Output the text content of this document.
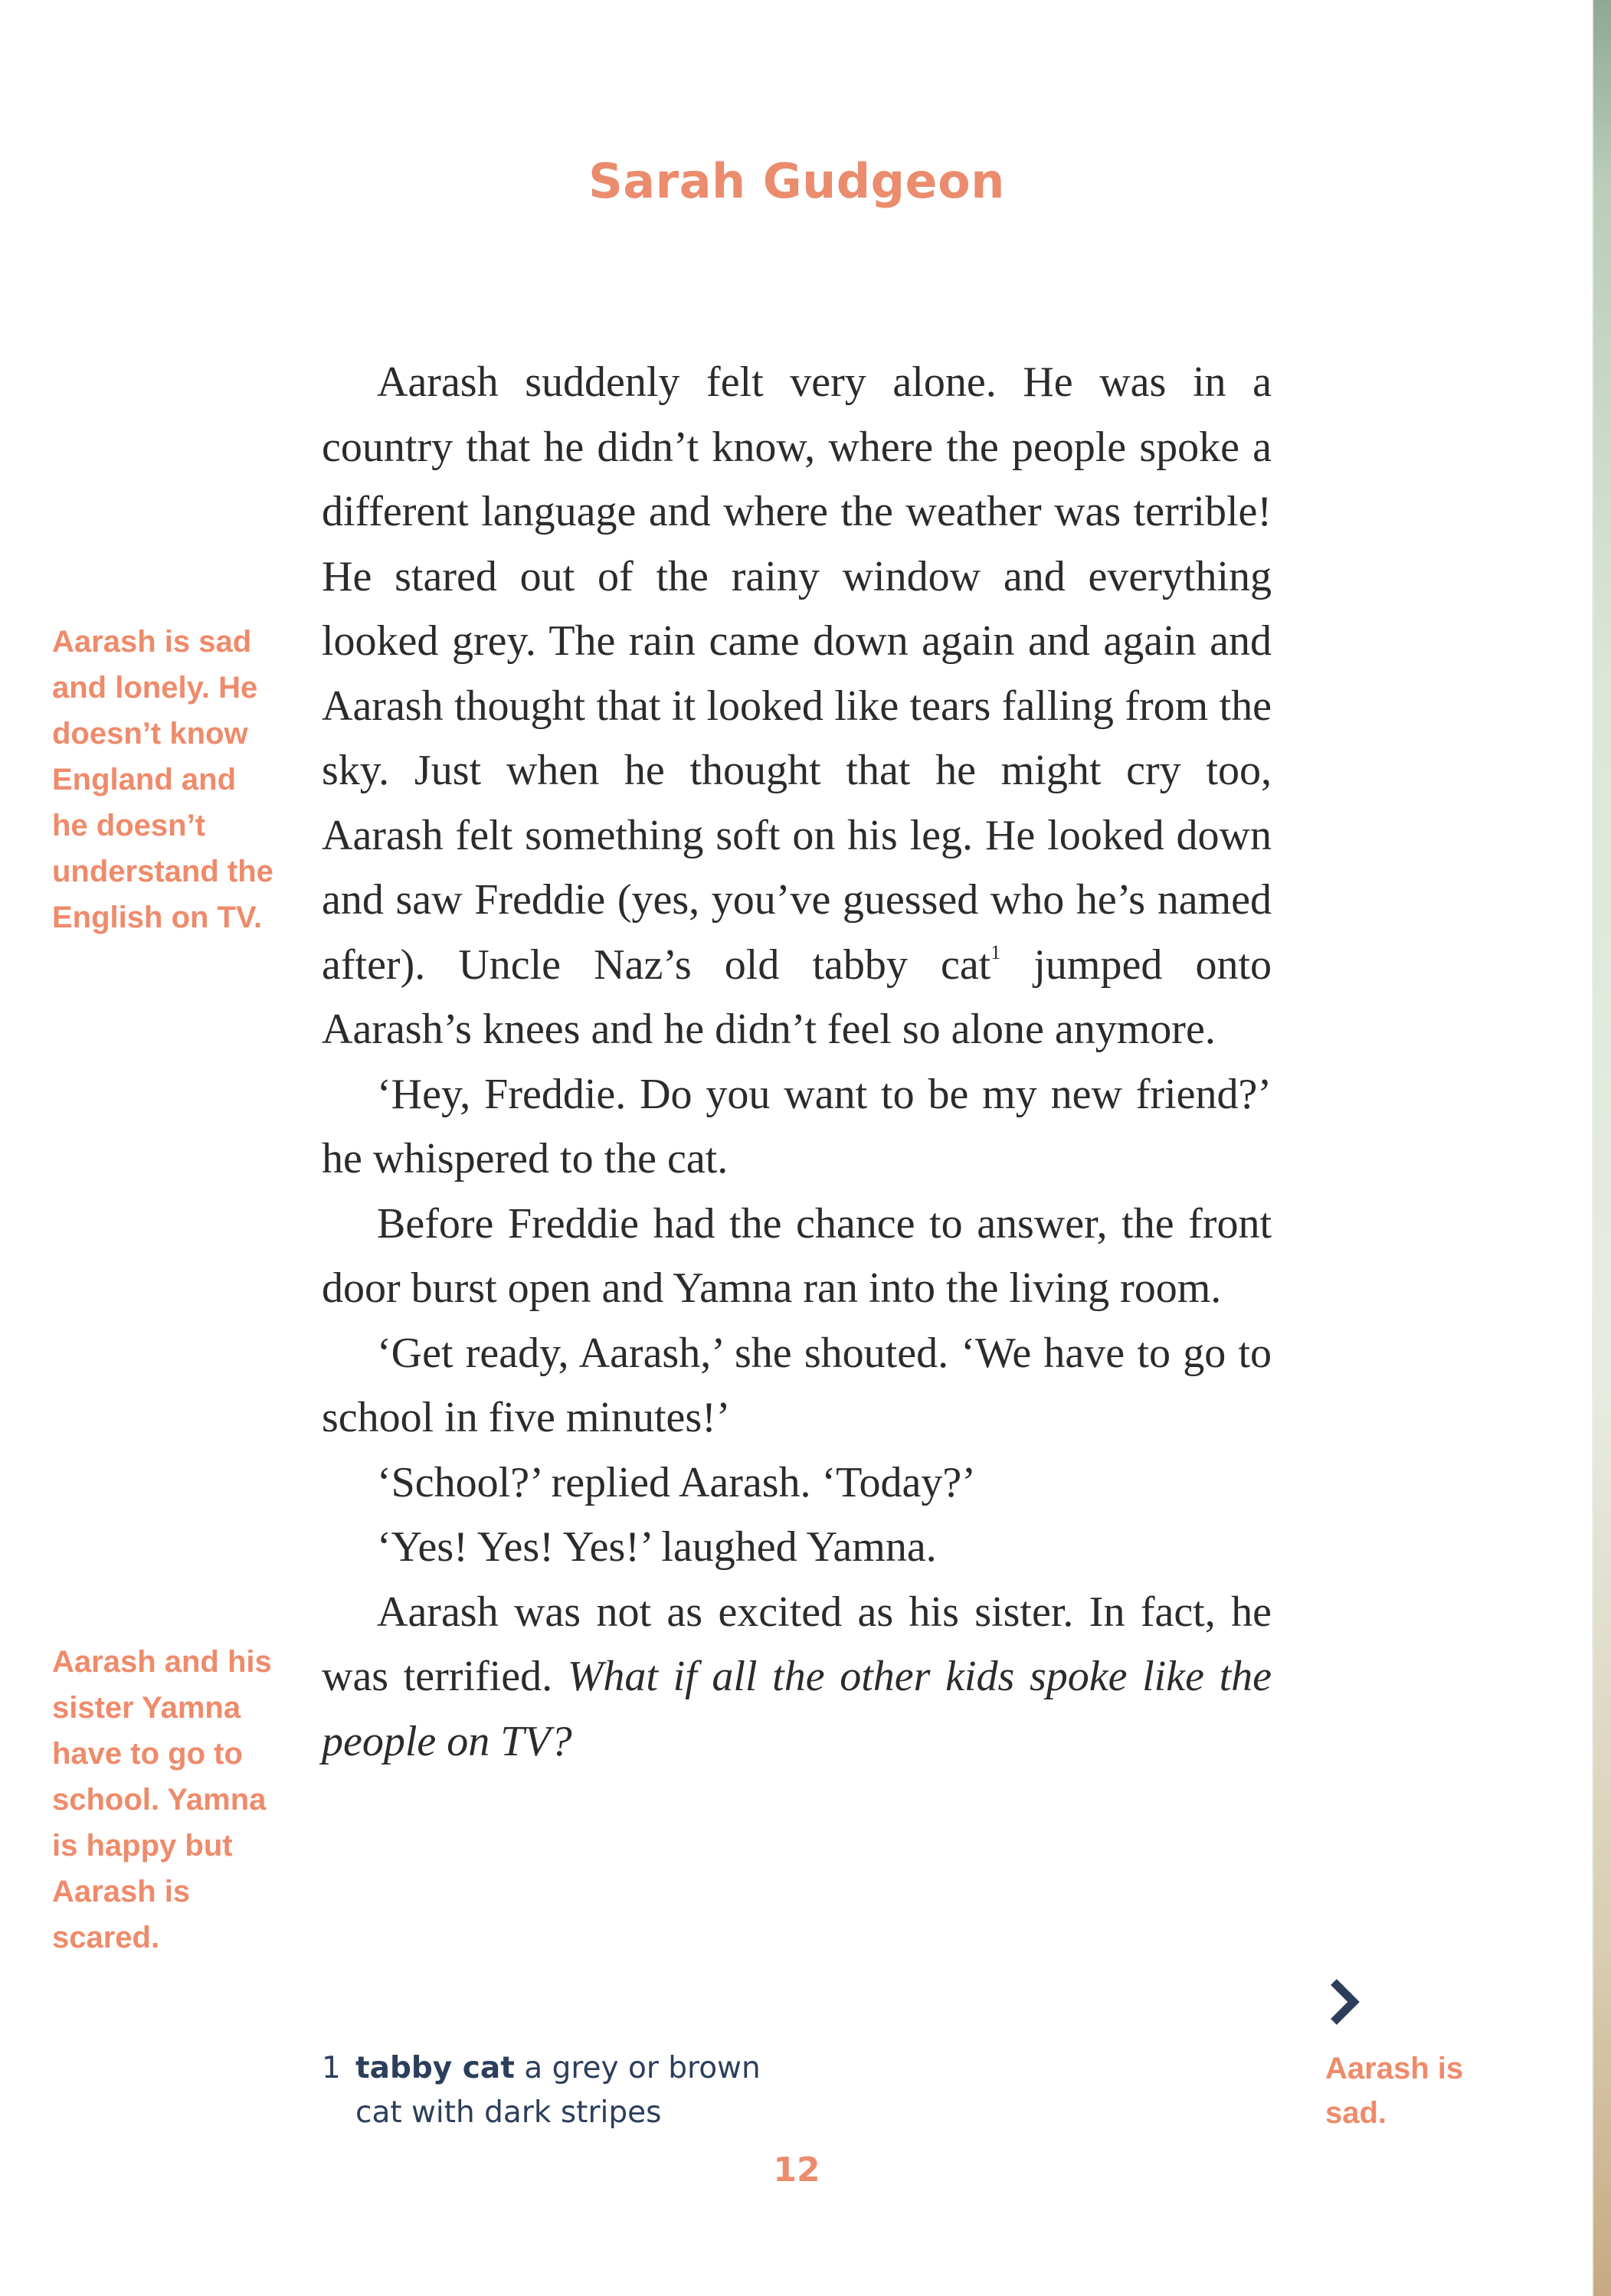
Sarah Gudgeon

Aarash suddenly felt very alone. He was in a country that he didn’t know, where the people spoke a different language and where the weather was terrible! He stared out of the rainy window and everything looked grey. The rain came down again and again and Aarash thought that it looked like tears falling from the sky. Just when he thought that he might cry too, Aarash felt something soft on his leg. He looked down and saw Freddie (yes, you’ve guessed who he’s named after). Uncle Naz’s old tabby cat$^1$ jumped onto Aarash’s knees and he didn’t feel so alone anymore.

‘Hey, Freddie. Do you want to be my new friend?’ he whispered to the cat.

Before Freddie had the chance to answer, the front door burst open and Yamna ran into the living room.

‘Get ready, Aarash,’ she shouted. ‘We have to go to school in five minutes!’

‘School?’ replied Aarash. ‘Today?’

‘Yes! Yes! Yes!’ laughed Yamna.

Aarash was not as excited as his sister. In fact, he was terrified. What if all the other kids spoke like the people on TV?

Aarash is sad and lonely. He doesn’t know England and he doesn’t understand the English on TV.
Aarash and his sister Yamna have to go to school. Yamna is happy but Aarash is scared.
Aarash is sad.
1 tabby cat a grey or brown
cat with dark stripes
12
